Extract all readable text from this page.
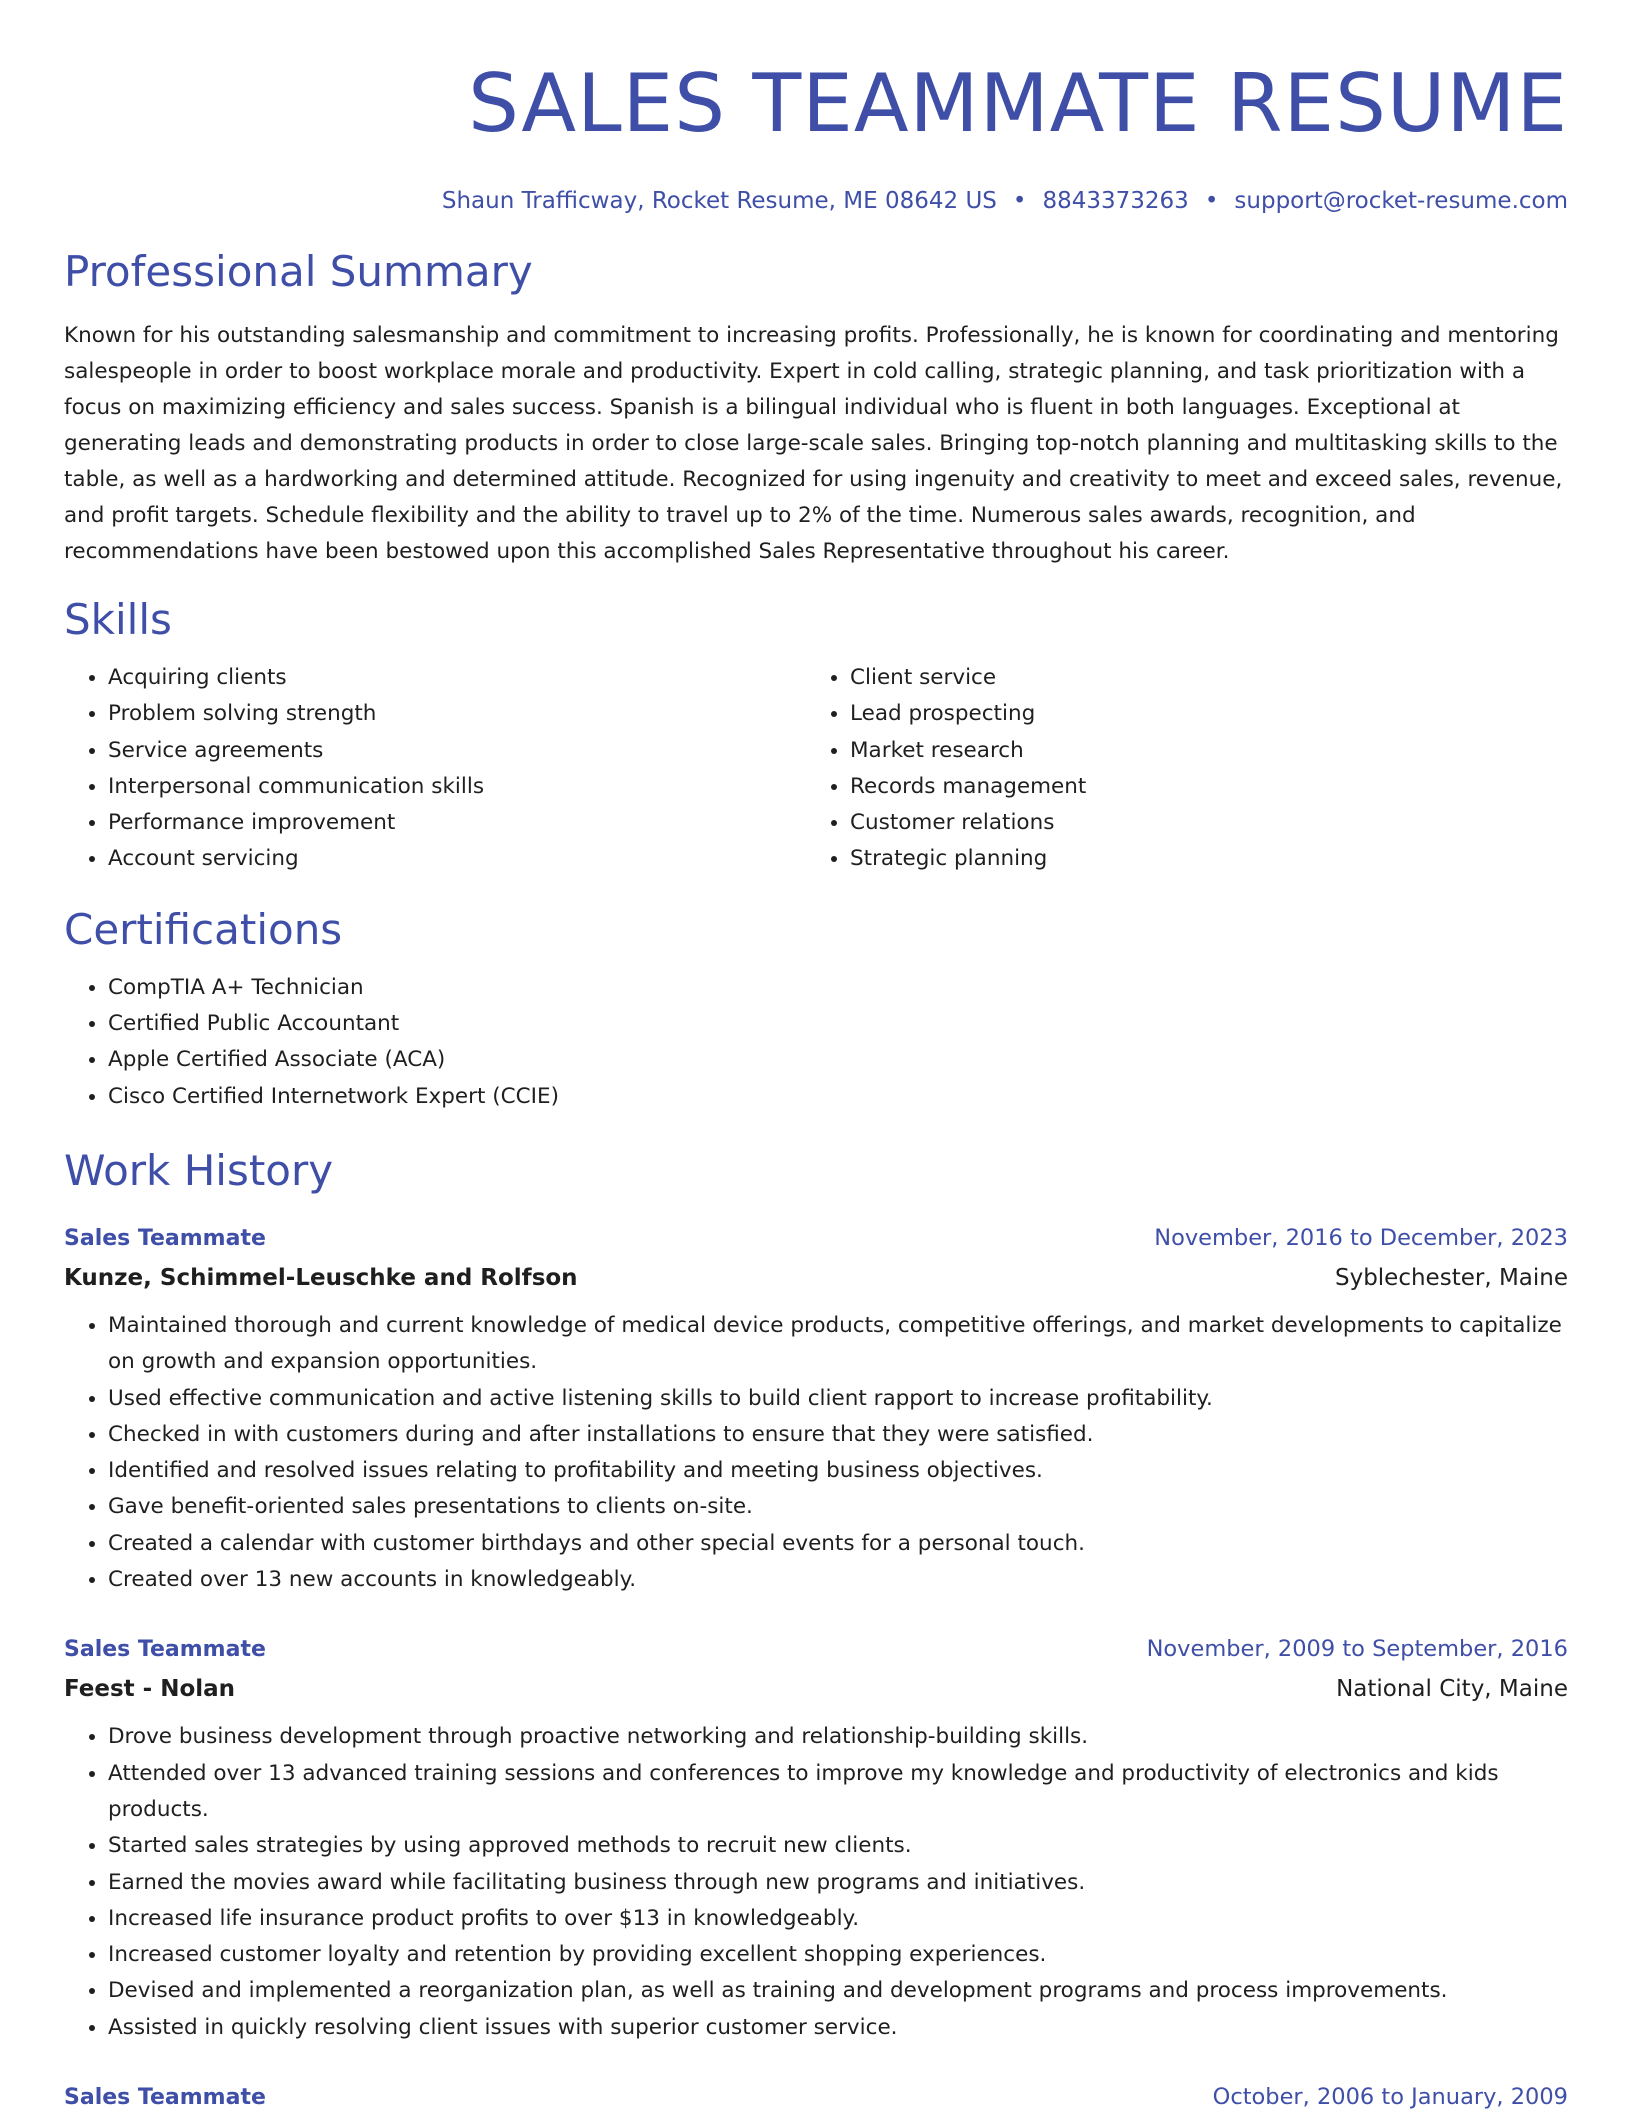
SALES TEAMMATE RESUME
Shaun Trafficway, Rocket Resume, ME 08642 US • 8843373263 • support@rocket-resume.com
Professional Summary

Known for his outstanding salesmanship and commitment to increasing profits. Professionally, he is known for coordinating and mentoring salespeople in order to boost workplace morale and productivity. Expert in cold calling, strategic planning, and task prioritization with a focus on maximizing efficiency and sales success. Spanish is a bilingual individual who is fluent in both languages. Exceptional at generating leads and demonstrating products in order to close large-scale sales. Bringing top-notch planning and multitasking skills to the table, as well as a hardworking and determined attitude. Recognized for using ingenuity and creativity to meet and exceed sales, revenue, and profit targets. Schedule flexibility and the ability to travel up to 2% of the time. Numerous sales awards, recognition, and recommendations have been bestowed upon this accomplished Sales Representative throughout his career.

Skills
• Acquiring clients
• Problem solving strength
• Service agreements
• Interpersonal communication skills
• Performance improvement
• Account servicing
• Client service
• Lead prospecting
• Market research
• Records management
• Customer relations
• Strategic planning
Certifications
• CompTIA A+ Technician
• Certified Public Accountant
• Apple Certified Associate (ACA)
• Cisco Certified Internetwork Expert (CCIE)
Work History
Sales Teammate	November, 2016 to December, 2023
Kunze, Schimmel-Leuschke and Rolfson	Syblechester, Maine
• Maintained thorough and current knowledge of medical device products, competitive offerings, and market developments to capitalize on growth and expansion opportunities.
• Used effective communication and active listening skills to build client rapport to increase profitability.
• Checked in with customers during and after installations to ensure that they were satisfied.
• Identified and resolved issues relating to profitability and meeting business objectives.
• Gave benefit-oriented sales presentations to clients on-site.
• Created a calendar with customer birthdays and other special events for a personal touch.
• Created over 13 new accounts in knowledgeably.
Sales Teammate	November, 2009 to September, 2016
Feest - Nolan	National City, Maine
• Drove business development through proactive networking and relationship-building skills.
• Attended over 13 advanced training sessions and conferences to improve my knowledge and productivity of electronics and kids products.
• Started sales strategies by using approved methods to recruit new clients.
• Earned the movies award while facilitating business through new programs and initiatives.
• Increased life insurance product profits to over $13 in knowledgeably.
• Increased customer loyalty and retention by providing excellent shopping experiences.
• Devised and implemented a reorganization plan, as well as training and development programs and process improvements.
• Assisted in quickly resolving client issues with superior customer service.
Sales Teammate	October, 2006 to January, 2009
